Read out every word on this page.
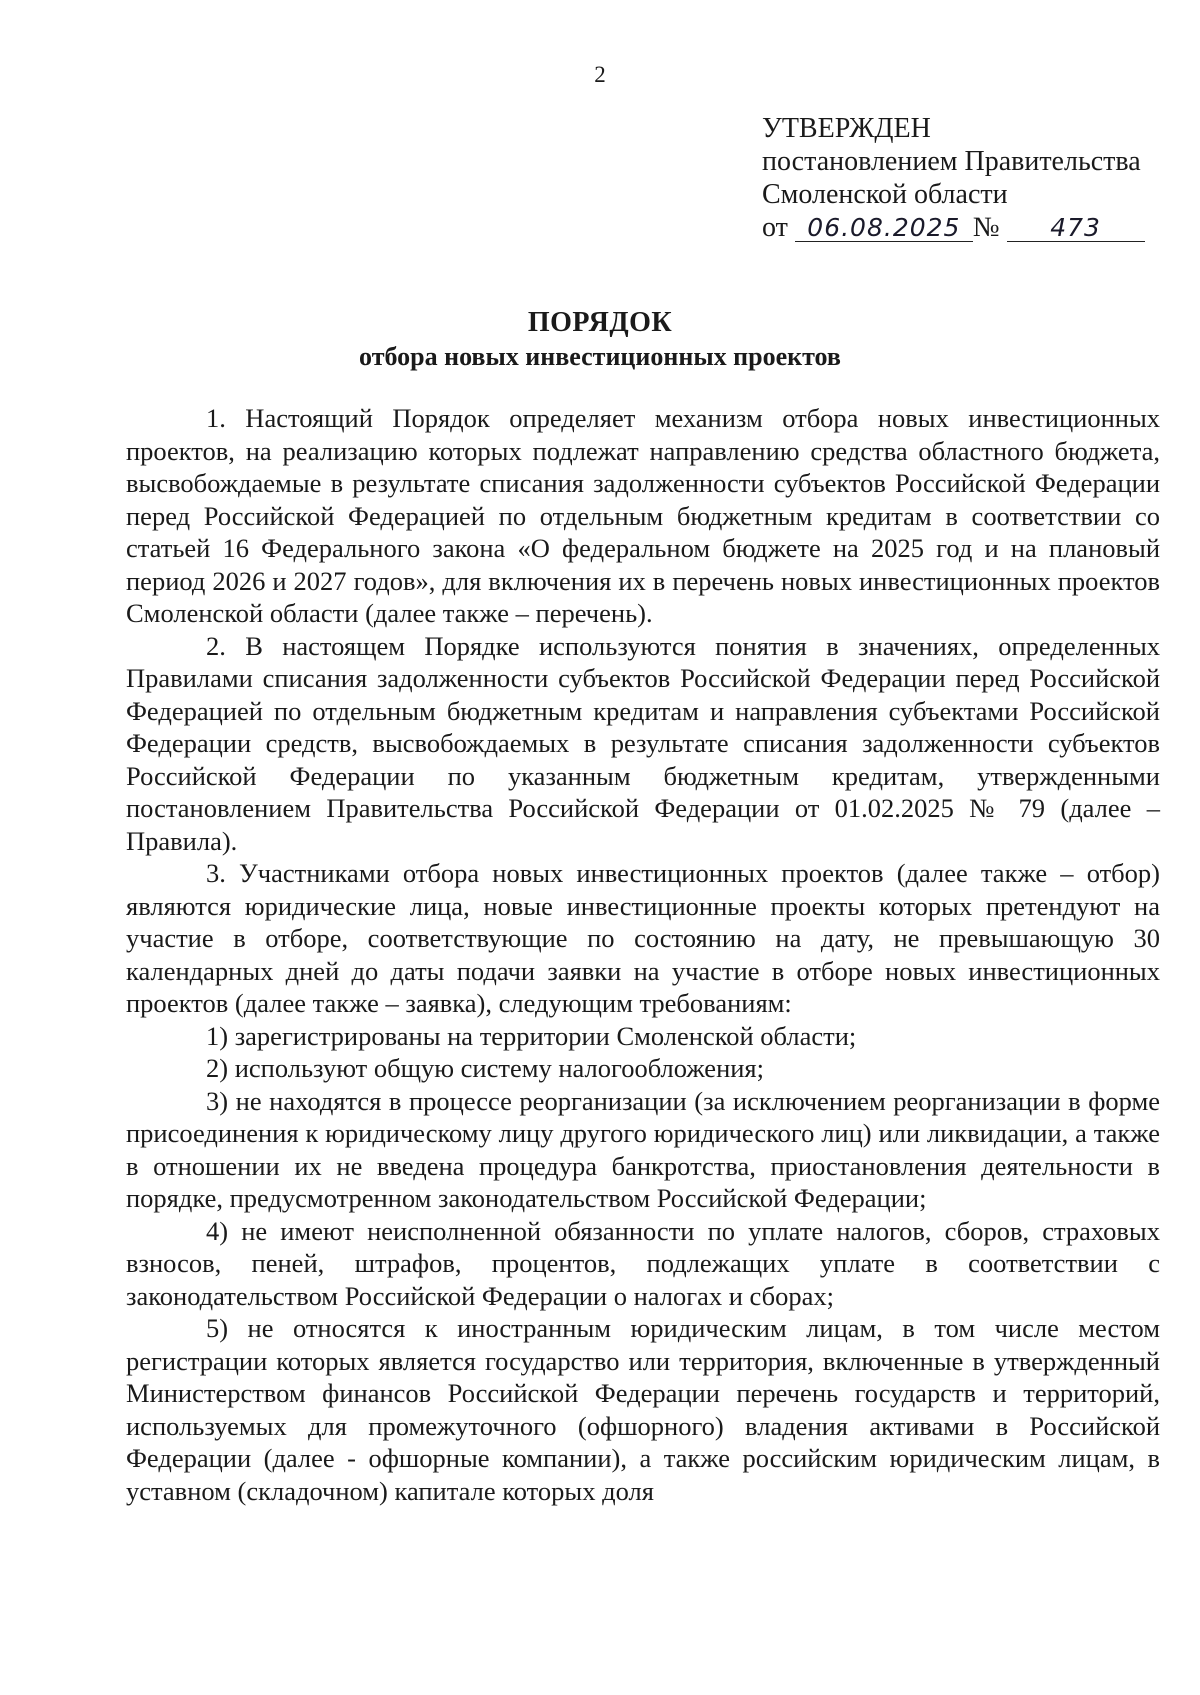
2
УТВЕРЖДЕН
постановлением Правительства
Смоленской области
от 06.08.2025 № 473
ПОРЯДОК
отбора новых инвестиционных проектов

1. Настоящий Порядок определяет механизм отбора новых инвестиционных проектов, на реализацию которых подлежат направлению средства областного бюджета, высвобождаемые в результате списания задолженности субъектов Российской Федерации перед Российской Федерацией по отдельным бюджетным кредитам в соответствии со статьей 16 Федерального закона «О федеральном бюджете на 2025 год и на плановый период 2026 и 2027 годов», для включения их в перечень новых инвестиционных проектов Смоленской области (далее также – перечень).

2. В настоящем Порядке используются понятия в значениях, определенных Правилами списания задолженности субъектов Российской Федерации перед Российской Федерацией по отдельным бюджетным кредитам и направления субъектами Российской Федерации средств, высвобождаемых в результате списания задолженности субъектов Российской Федерации по указанным бюджетным кредитам, утвержденными постановлением Правительства Российской Федерации от 01.02.2025 № 79 (далее – Правила).

3. Участниками отбора новых инвестиционных проектов (далее также – отбор) являются юридические лица, новые инвестиционные проекты которых претендуют на участие в отборе, соответствующие по состоянию на дату, не превышающую 30 календарных дней до даты подачи заявки на участие в отборе новых инвестиционных проектов (далее также – заявка), следующим требованиям:

1) зарегистрированы на территории Смоленской области;

2) используют общую систему налогообложения;

3) не находятся в процессе реорганизации (за исключением реорганизации в форме присоединения к юридическому лицу другого юридического лиц) или ликвидации, а также в отношении их не введена процедура банкротства, приостановления деятельности в порядке, предусмотренном законодательством Российской Федерации;

4) не имеют неисполненной обязанности по уплате налогов, сборов, страховых взносов, пеней, штрафов, процентов, подлежащих уплате в соответствии с законодательством Российской Федерации о налогах и сборах;

5) не относятся к иностранным юридическим лицам, в том числе местом регистрации которых является государство или территория, включенные в утвержденный Министерством финансов Российской Федерации перечень государств и территорий, используемых для промежуточного (офшорного) владения активами в Российской Федерации (далее - офшорные компании), а также российским юридическим лицам, в уставном (складочном) капитале которых доля
